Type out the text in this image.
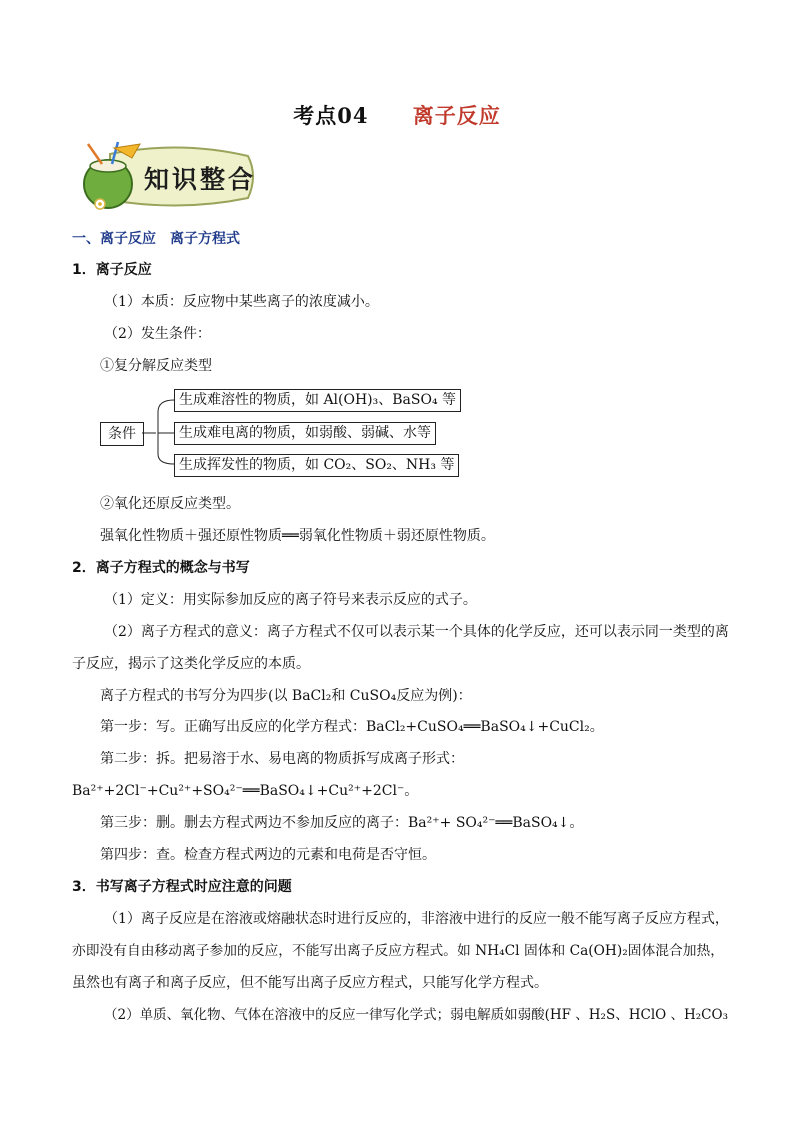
考点04 离子反应
知识整合
一、离子反应　离子方程式
1．离子反应
（1）本质：反应物中某些离子的浓度减小。
（2）发生条件：
①复分解反应类型
条件
生成难溶性的物质，如 Al(OH)₃、BaSO₄ 等
生成难电离的物质，如弱酸、弱碱、水等
生成挥发性的物质，如 CO₂、SO₂、NH₃ 等
②氧化还原反应类型。
强氧化性物质＋强还原性物质══弱氧化性物质＋弱还原性物质。
2．离子方程式的概念与书写
（1）定义：用实际参加反应的离子符号来表示反应的式子。
（2）离子方程式的意义：离子方程式不仅可以表示某一个具体的化学反应，还可以表示同一类型的离
子反应，揭示了这类化学反应的本质。
离子方程式的书写分为四步(以 BaCl₂和 CuSO₄反应为例)：
第一步：写。正确写出反应的化学方程式：BaCl₂+CuSO₄══BaSO₄↓+CuCl₂。
第二步：拆。把易溶于水、易电离的物质拆写成离子形式：
Ba²⁺+2Cl⁻+Cu²⁺+SO₄²⁻══BaSO₄↓+Cu²⁺+2Cl⁻。
第三步：删。删去方程式两边不参加反应的离子：Ba²⁺+ SO₄²⁻══BaSO₄↓。
第四步：查。检查方程式两边的元素和电荷是否守恒。
3．书写离子方程式时应注意的问题
（1）离子反应是在溶液或熔融状态时进行反应的，非溶液中进行的反应一般不能写离子反应方程式，
亦即没有自由移动离子参加的反应，不能写出离子反应方程式。如 NH₄Cl 固体和 Ca(OH)₂固体混合加热，
虽然也有离子和离子反应，但不能写出离子反应方程式，只能写化学方程式。
（2）单质、氧化物、气体在溶液中的反应一律写化学式；弱电解质如弱酸(HF 、H₂S、HClO 、H₂CO₃
